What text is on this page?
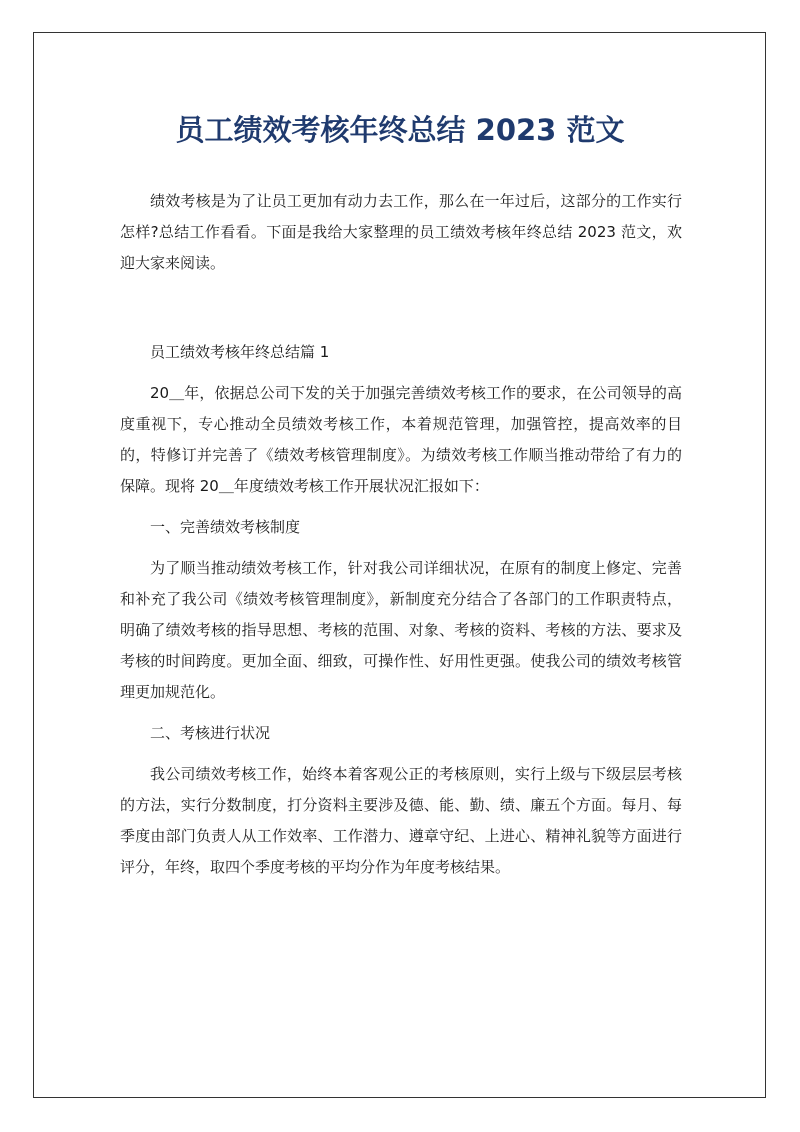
员工绩效考核年终总结 2023 范文

绩效考核是为了让员工更加有动力去工作，那么在一年过后，这部分的工作实行怎样?总结工作看看。下面是我给大家整理的员工绩效考核年终总结 2023 范文，欢迎大家来阅读。

员工绩效考核年终总结篇 1

20＿年，依据总公司下发的关于加强完善绩效考核工作的要求，在公司领导的高度重视下，专心推动全员绩效考核工作，本着规范管理，加强管控，提高效率的目的，特修订并完善了《绩效考核管理制度》。为绩效考核工作顺当推动带给了有力的保障。现将 20＿年度绩效考核工作开展状况汇报如下：

一、完善绩效考核制度

为了顺当推动绩效考核工作，针对我公司详细状况，在原有的制度上修定、完善和补充了我公司《绩效考核管理制度》，新制度充分结合了各部门的工作职责特点，明确了绩效考核的指导思想、考核的范围、对象、考核的资料、考核的方法、要求及考核的时间跨度。更加全面、细致，可操作性、好用性更强。使我公司的绩效考核管理更加规范化。

二、考核进行状况

我公司绩效考核工作，始终本着客观公正的考核原则，实行上级与下级层层考核的方法，实行分数制度，打分资料主要涉及德、能、勤、绩、廉五个方面。每月、每季度由部门负责人从工作效率、工作潜力、遵章守纪、上进心、精神礼貌等方面进行评分，年终，取四个季度考核的平均分作为年度考核结果。
